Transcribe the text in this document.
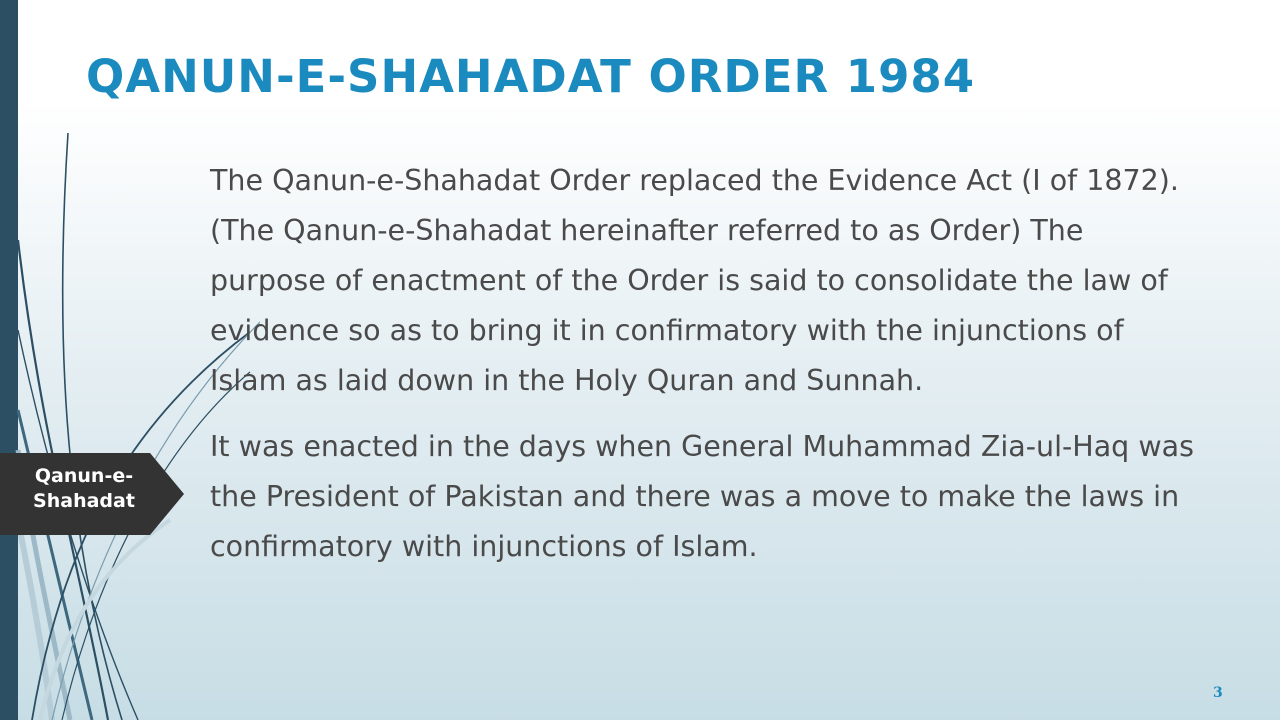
QANUN-E-SHAHADAT ORDER 1984

The Qanun-e-Shahadat Order replaced the Evidence Act (I of 1872). (The Qanun-e-Shahadat hereinafter referred to as Order) The purpose of enactment of the Order is said to consolidate the law of evidence so as to bring it in confirmatory with the injunctions of Islam as laid down in the Holy Quran and Sunnah.

It was enacted in the days when General Muhammad Zia-ul-Haq was the President of Pakistan and there was a move to make the laws in confirmatory with injunctions of Islam.

Qanun-e-Shahadat
3
